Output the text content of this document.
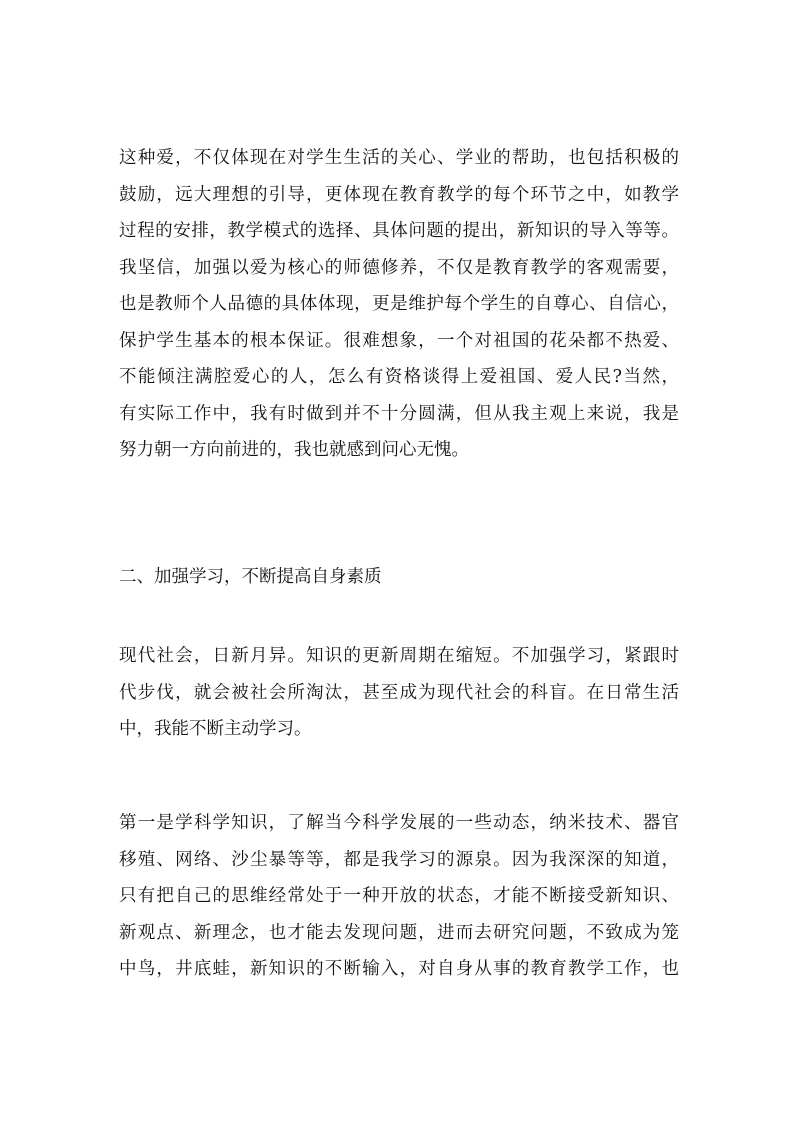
这种爱，不仅体现在对学生生活的关心、学业的帮助，也包括积极的
鼓励，远大理想的引导，更体现在教育教学的每个环节之中，如教学
过程的安排，教学模式的选择、具体问题的提出，新知识的导入等等。
我坚信，加强以爱为核心的师德修养，不仅是教育教学的客观需要，
也是教师个人品德的具体体现，更是维护每个学生的自尊心、自信心，
保护学生基本的根本保证。很难想象，一个对祖国的花朵都不热爱、
不能倾注满腔爱心的人，怎么有资格谈得上爱祖国、爱人民?当然，
有实际工作中，我有时做到并不十分圆满，但从我主观上来说，我是
努力朝一方向前进的，我也就感到问心无愧。
二、加强学习，不断提高自身素质
现代社会，日新月异。知识的更新周期在缩短。不加强学习，紧跟时
代步伐，就会被社会所淘汰，甚至成为现代社会的科盲。在日常生活
中，我能不断主动学习。
第一是学科学知识，了解当今科学发展的一些动态，纳米技术、器官
移殖、网络、沙尘暴等等，都是我学习的源泉。因为我深深的知道，
只有把自己的思维经常处于一种开放的状态，才能不断接受新知识、
新观点、新理念，也才能去发现问题，进而去研究问题，不致成为笼
中鸟，井底蛙，新知识的不断输入，对自身从事的教育教学工作，也
